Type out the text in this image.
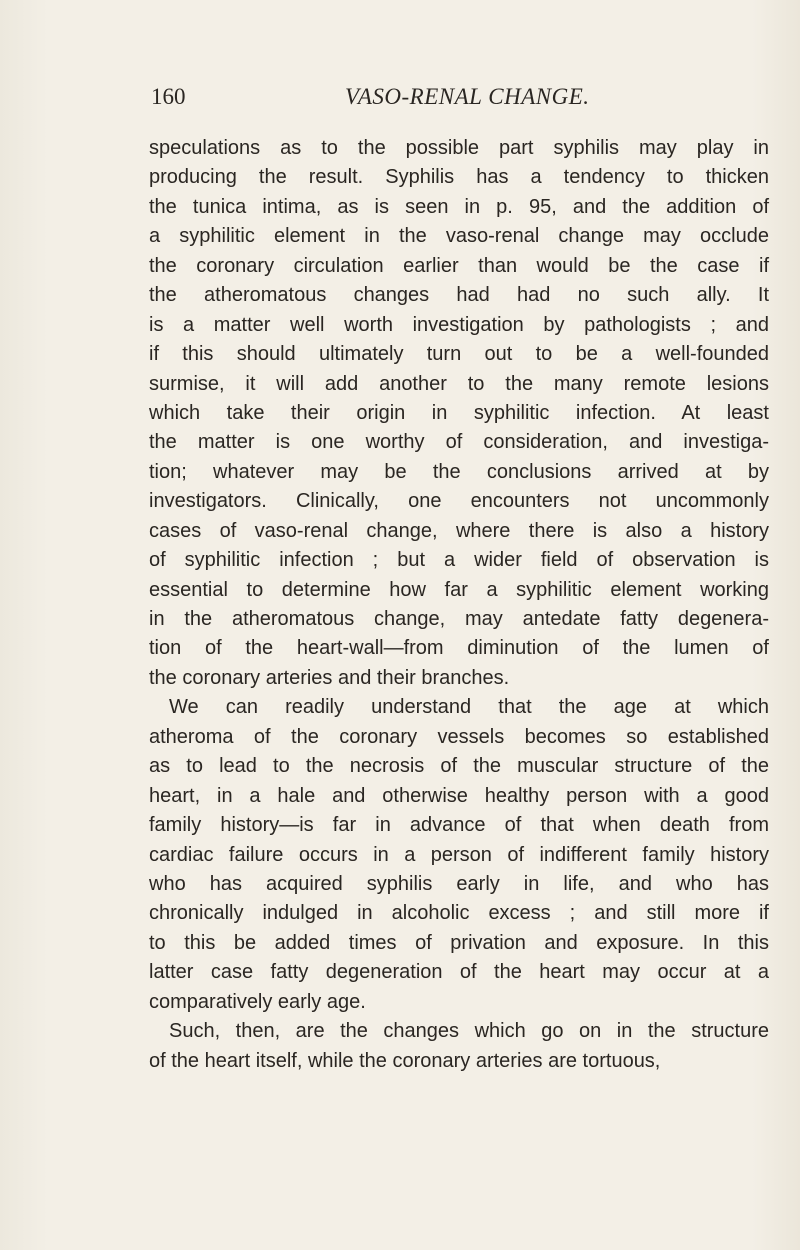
160	VASO-RENAL CHANGE.
speculations as to the possible part syphilis may play in
producing the result. Syphilis has a tendency to thicken
the tunica intima, as is seen in p. 95, and the addition of
a syphilitic element in the vaso-renal change may occlude
the coronary circulation earlier than would be the case if
the atheromatous changes had had no such ally. It
is a matter well worth investigation by pathologists ; and
if this should ultimately turn out to be a well-founded
surmise, it will add another to the many remote lesions
which take their origin in syphilitic infection. At least
the matter is one worthy of consideration, and investiga-
tion; whatever may be the conclusions arrived at by
investigators. Clinically, one encounters not uncommonly
cases of vaso-renal change, where there is also a history
of syphilitic infection ; but a wider field of observation is
essential to determine how far a syphilitic element working
in the atheromatous change, may antedate fatty degenera-
tion of the heart-wall—from diminution of the lumen of
the coronary arteries and their branches.
We can readily understand that the age at which
atheroma of the coronary vessels becomes so established
as to lead to the necrosis of the muscular structure of the
heart, in a hale and otherwise healthy person with a good
family history—is far in advance of that when death from
cardiac failure occurs in a person of indifferent family history
who has acquired syphilis early in life, and who has
chronically indulged in alcoholic excess ; and still more if
to this be added times of privation and exposure. In this
latter case fatty degeneration of the heart may occur at a
comparatively early age.
Such, then, are the changes which go on in the structure
of the heart itself, while the coronary arteries are tortuous,
